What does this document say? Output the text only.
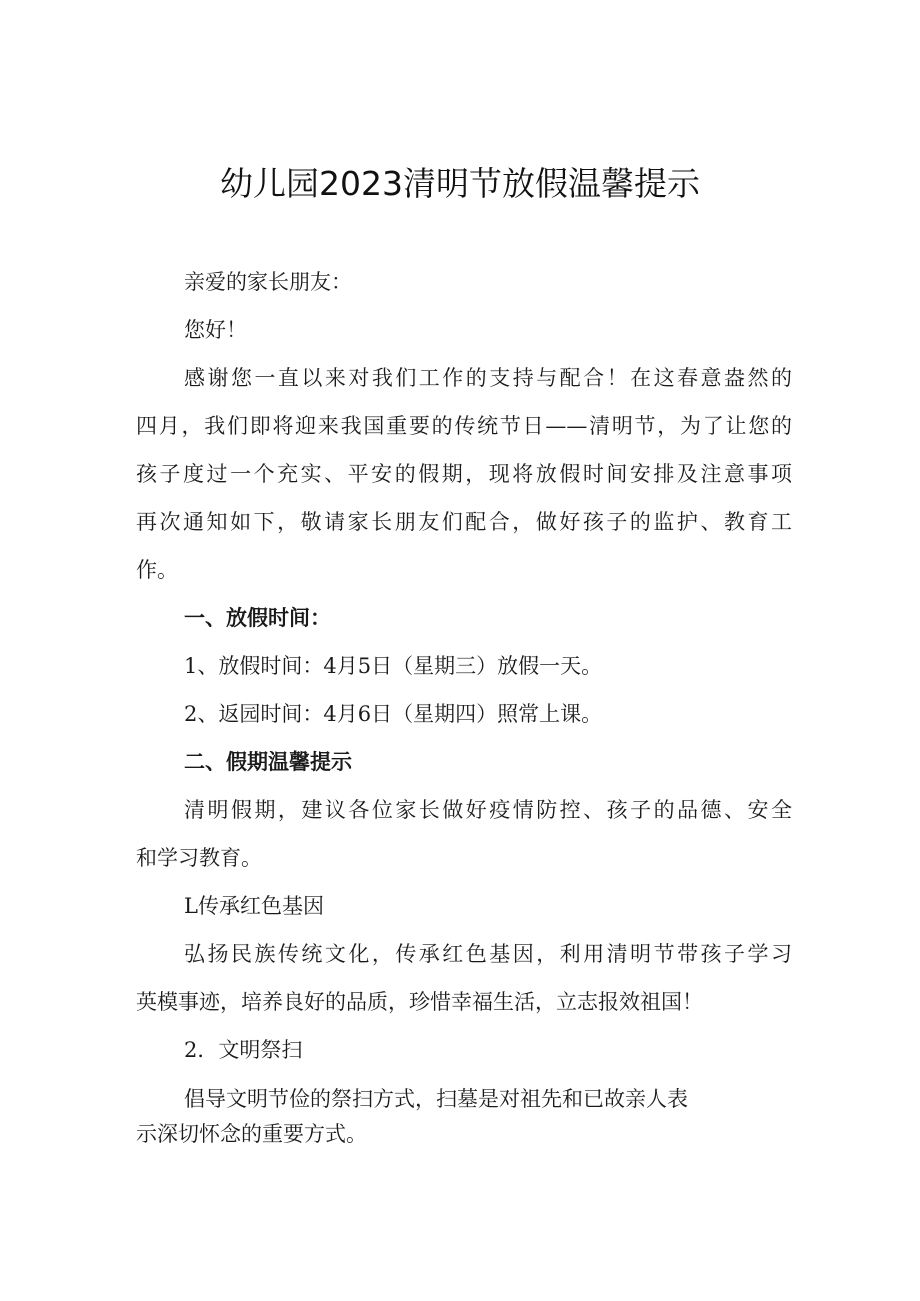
幼儿园2023清明节放假温馨提示

亲爱的家长朋友：

您好！

感谢您一直以来对我们工作的支持与配合！在这春意盎然的

四月，我们即将迎来我国重要的传统节日——清明节，为了让您的

孩子度过一个充实、平安的假期，现将放假时间安排及注意事项

再次通知如下，敬请家长朋友们配合，做好孩子的监护、教育工

作。

一、放假时间：

1、放假时间：4月5日（星期三）放假一天。

2、返园时间：4月6日（星期四）照常上课。

二、假期温馨提示

清明假期，建议各位家长做好疫情防控、孩子的品德、安全

和学习教育。

L传承红色基因

弘扬民族传统文化，传承红色基因，利用清明节带孩子学习

英模事迹，培养良好的品质，珍惜幸福生活，立志报效祖国！

2．文明祭扫

倡导文明节俭的祭扫方式，扫墓是对祖先和已故亲人表

示深切怀念的重要方式。
